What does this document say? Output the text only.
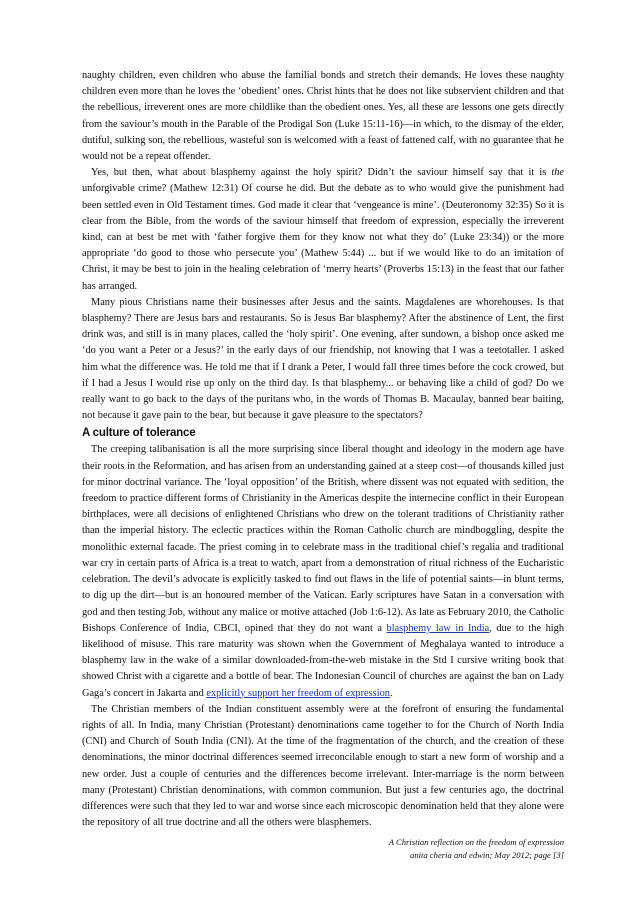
naughty children, even children who abuse the familial bonds and stretch their demands. He loves these naughty children even more than he loves the ‘obedient’ ones. Christ hints that he does not like subservient children and that the rebellious, irreverent ones are more childlike than the obedient ones. Yes, all these are lessons one gets directly from the saviour’s mouth in the Parable of the Prodigal Son (Luke 15:11-16)—in which, to the dismay of the elder, dutiful, sulking son, the rebellious, wasteful son is welcomed with a feast of fattened calf, with no guarantee that he would not be a repeat offender.

Yes, but then, what about blasphemy against the holy spirit? Didn’t the saviour himself say that it is the unforgivable crime? (Mathew 12:31) Of course he did. But the debate as to who would give the punishment had been settled even in Old Testament times. God made it clear that ‘vengeance is mine’. (Deuteronomy 32:35) So it is clear from the Bible, from the words of the saviour himself that freedom of expression, especially the irreverent kind, can at best be met with ‘father forgive them for they know not what they do’ (Luke 23:34)) or the more appropriate ‘do good to those who persecute you’ (Mathew 5:44) ... but if we would like to do an imitation of Christ, it may be best to join in the healing celebration of ‘merry hearts’ (Proverbs 15:13) in the feast that our father has arranged.

Many pious Christians name their businesses after Jesus and the saints. Magdalenes are whorehouses. Is that blasphemy? There are Jesus bars and restaurants. So is Jesus Bar blasphemy? After the abstinence of Lent, the first drink was, and still is in many places, called the ‘holy spirit’. One evening, after sundown, a bishop once asked me ‘do you want a Peter or a Jesus?’ in the early days of our friendship, not knowing that I was a teetotaller. I asked him what the difference was. He told me that if I drank a Peter, I would fall three times before the cock crowed, but if I had a Jesus I would rise up only on the third day. Is that blasphemy... or behaving like a child of god? Do we really want to go back to the days of the puritans who, in the words of Thomas B. Macaulay, banned bear baiting, not because it gave pain to the bear, but because it gave pleasure to the spectators?

A culture of tolerance

The creeping talibanisation is all the more surprising since liberal thought and ideology in the modern age have their roots in the Reformation, and has arisen from an understanding gained at a steep cost—of thousands killed just for minor doctrinal variance. The ‘loyal opposition’ of the British, where dissent was not equated with sedition, the freedom to practice different forms of Christianity in the Americas despite the internecine conflict in their European birthplaces, were all decisions of enlightened Christians who drew on the tolerant traditions of Christianity rather than the imperial history. The eclectic practices within the Roman Catholic church are mindboggling, despite the monolithic external facade. The priest coming in to celebrate mass in the traditional chief’s regalia and traditional war cry in certain parts of Africa is a treat to watch, apart from a demonstration of ritual richness of the Eucharistic celebration. The devil’s advocate is explicitly tasked to find out flaws in the life of potential saints—in blunt terms, to dig up the dirt—but is an honoured member of the Vatican. Early scriptures have Satan in a conversation with god and then testing Job, without any malice or motive attached (Job 1:6-12). As late as February 2010, the Catholic Bishops Conference of India, CBCI, opined that they do not want a blasphemy law in India, due to the high likelihood of misuse. This rare maturity was shown when the Government of Meghalaya wanted to introduce a blasphemy law in the wake of a similar downloaded-from-the-web mistake in the Std I cursive writing book that showed Christ with a cigarette and a bottle of bear. The Indonesian Council of churches are against the ban on Lady Gaga’s concert in Jakarta and explicitly support her freedom of expression.

The Christian members of the Indian constituent assembly were at the forefront of ensuring the fundamental rights of all. In India, many Christian (Protestant) denominations came together to for the Church of North India (CNI) and Church of South India (CNI). At the time of the fragmentation of the church, and the creation of these denominations, the minor doctrinal differences seemed irreconcilable enough to start a new form of worship and a new order. Just a couple of centuries and the differences become irrelevant. Inter-marriage is the norm between many (Protestant) Christian denominations, with common communion. But just a few centuries ago, the doctrinal differences were such that they led to war and worse since each microscopic denomination held that they alone were the repository of all true doctrine and all the others were blasphemers.

A Christian reflection on the freedom of expression
anita cheria and edwin; May 2012; page [3]
